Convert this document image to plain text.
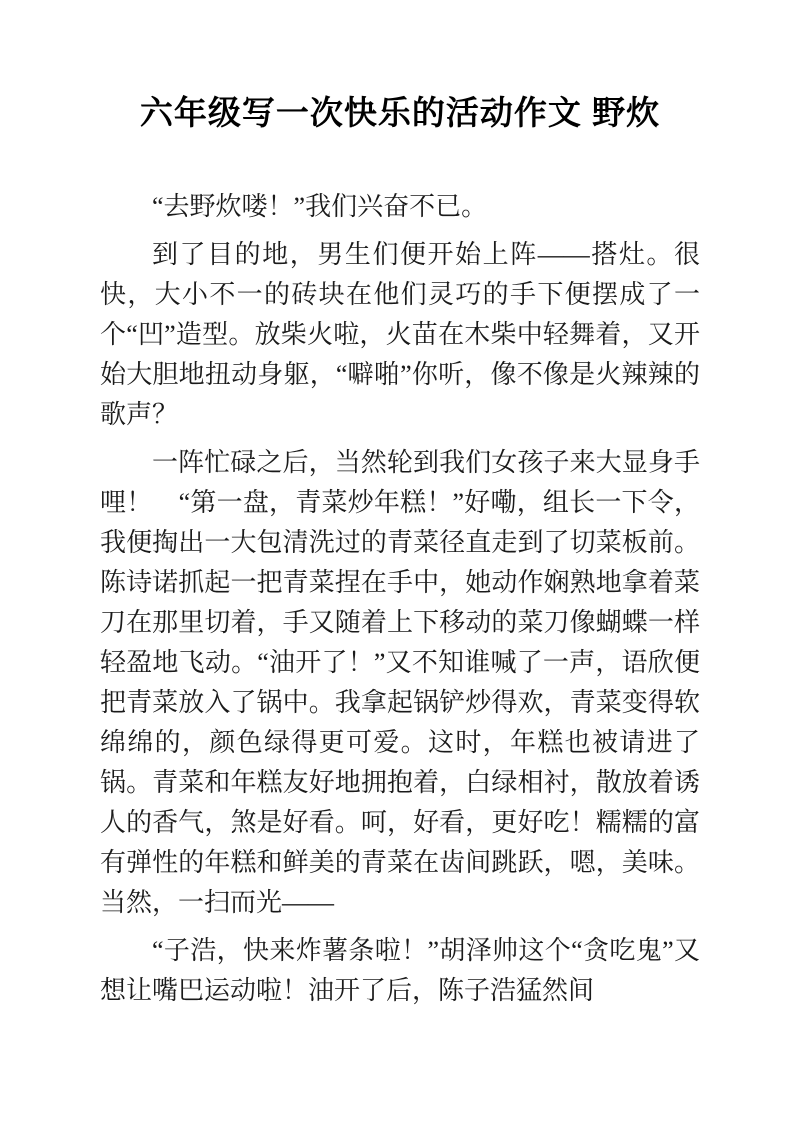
六年级写一次快乐的活动作文 野炊

“去野炊喽！”我们兴奋不已。

到了目的地，男生们便开始上阵——搭灶。很快，大小不一的砖块在他们灵巧的手下便摆成了一个“凹”造型。放柴火啦，火苗在木柴中轻舞着，又开始大胆地扭动身躯，“噼啪”你听，像不像是火辣辣的歌声？

一阵忙碌之后，当然轮到我们女孩子来大显身手哩！　“第一盘，青菜炒年糕！”好嘞，组长一下令，我便掏出一大包清洗过的青菜径直走到了切菜板前。陈诗诺抓起一把青菜捏在手中，她动作娴熟地拿着菜刀在那里切着，手又随着上下移动的菜刀像蝴蝶一样轻盈地飞动。“油开了！”又不知谁喊了一声，语欣便把青菜放入了锅中。我拿起锅铲炒得欢，青菜变得软绵绵的，颜色绿得更可爱。这时，年糕也被请进了锅。青菜和年糕友好地拥抱着，白绿相衬，散放着诱人的香气，煞是好看。呵，好看，更好吃！糯糯的富有弹性的年糕和鲜美的青菜在齿间跳跃，嗯，美味。当然，一扫而光——

“子浩，快来炸薯条啦！”胡泽帅这个“贪吃鬼”又想让嘴巴运动啦！油开了后，陈子浩猛然间
